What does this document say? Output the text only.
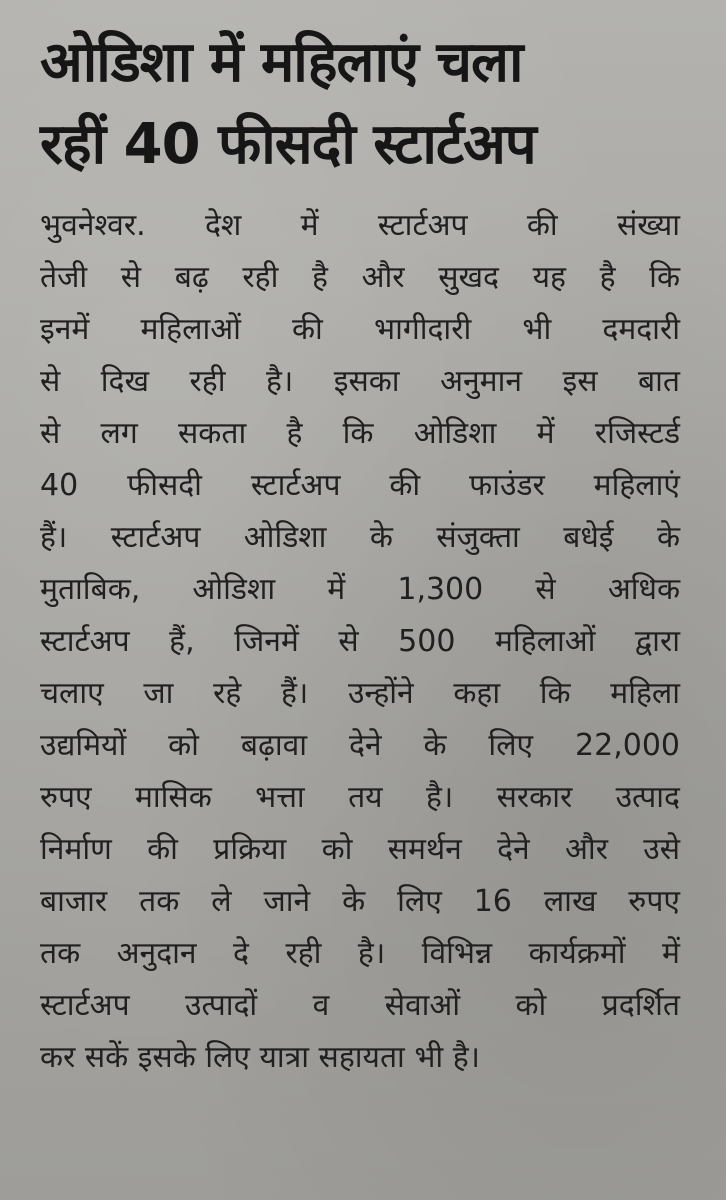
ओडिशा में महिलाएं चला
रहीं 40 फीसदी स्टार्टअप
भुवनेश्वर. देश में स्टार्टअप की संख्या
तेजी से बढ़ रही है और सुखद यह है कि
इनमें महिलाओं की भागीदारी भी दमदारी
से दिख रही है। इसका अनुमान इस बात
से लग सकता है कि ओडिशा में रजिस्टर्ड
40 फीसदी स्टार्टअप की फाउंडर महिलाएं
हैं। स्टार्टअप ओडिशा के संजुक्ता बधेई के
मुताबिक, ओडिशा में 1,300 से अधिक
स्टार्टअप हैं, जिनमें से 500 महिलाओं द्वारा
चलाए जा रहे हैं। उन्होंने कहा कि महिला
उद्यमियों को बढ़ावा देने के लिए 22,000
रुपए मासिक भत्ता तय है। सरकार उत्पाद
निर्माण की प्रक्रिया को समर्थन देने और उसे
बाजार तक ले जाने के लिए 16 लाख रुपए
तक अनुदान दे रही है। विभिन्न कार्यक्रमों में
स्टार्टअप उत्पादों व सेवाओं को प्रदर्शित
कर सकें इसके लिए यात्रा सहायता भी है।
